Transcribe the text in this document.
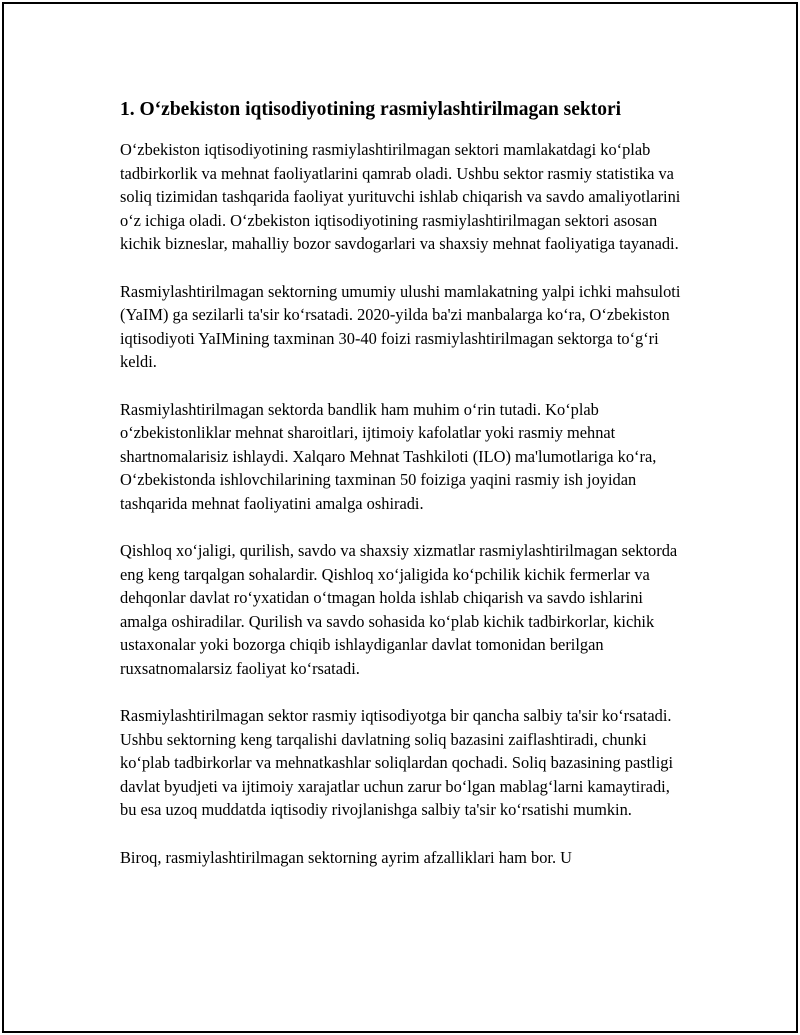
1. O‘zbekiston iqtisodiyotining rasmiylashtirilmagan sektori

O‘zbekiston iqtisodiyotining rasmiylashtirilmagan sektori mamlakatdagi ko‘plab tadbirkorlik va mehnat faoliyatlarini qamrab oladi. Ushbu sektor rasmiy statistika va soliq tizimidan tashqarida faoliyat yurituvchi ishlab chiqarish va savdo amaliyotlarini o‘z ichiga oladi. O‘zbekiston iqtisodiyotining rasmiylashtirilmagan sektori asosan kichik bizneslar, mahalliy bozor savdogarlari va shaxsiy mehnat faoliyatiga tayanadi.

Rasmiylashtirilmagan sektorning umumiy ulushi mamlakatning yalpi ichki mahsuloti (YaIM) ga sezilarli ta'sir ko‘rsatadi. 2020-yilda ba'zi manbalarga ko‘ra, O‘zbekiston iqtisodiyoti YaIMining taxminan 30-40 foizi rasmiylashtirilmagan sektorga to‘g‘ri keldi.

Rasmiylashtirilmagan sektorda bandlik ham muhim o‘rin tutadi. Ko‘plab o‘zbekistonliklar mehnat sharoitlari, ijtimoiy kafolatlar yoki rasmiy mehnat shartnomalarisiz ishlaydi. Xalqaro Mehnat Tashkiloti (ILO) ma'lumotlariga ko‘ra, O‘zbekistonda ishlovchilarining taxminan 50 foiziga yaqini rasmiy ish joyidan tashqarida mehnat faoliyatini amalga oshiradi.

Qishloq xo‘jaligi, qurilish, savdo va shaxsiy xizmatlar rasmiylashtirilmagan sektorda eng keng tarqalgan sohalardir. Qishloq xo‘jaligida ko‘pchilik kichik fermerlar va dehqonlar davlat ro‘yxatidan o‘tmagan holda ishlab chiqarish va savdo ishlarini amalga oshiradilar. Qurilish va savdo sohasida ko‘plab kichik tadbirkorlar, kichik ustaxonalar yoki bozorga chiqib ishlaydiganlar davlat tomonidan berilgan ruxsatnomalarsiz faoliyat ko‘rsatadi.

Rasmiylashtirilmagan sektor rasmiy iqtisodiyotga bir qancha salbiy ta'sir ko‘rsatadi. Ushbu sektorning keng tarqalishi davlatning soliq bazasini zaiflashtiradi, chunki ko‘plab tadbirkorlar va mehnatkashlar soliqlardan qochadi. Soliq bazasining pastligi davlat byudjeti va ijtimoiy xarajatlar uchun zarur bo‘lgan mablag‘larni kamaytiradi, bu esa uzoq muddatda iqtisodiy rivojlanishga salbiy ta'sir ko‘rsatishi mumkin.

Biroq, rasmiylashtirilmagan sektorning ayrim afzalliklari ham bor. U
